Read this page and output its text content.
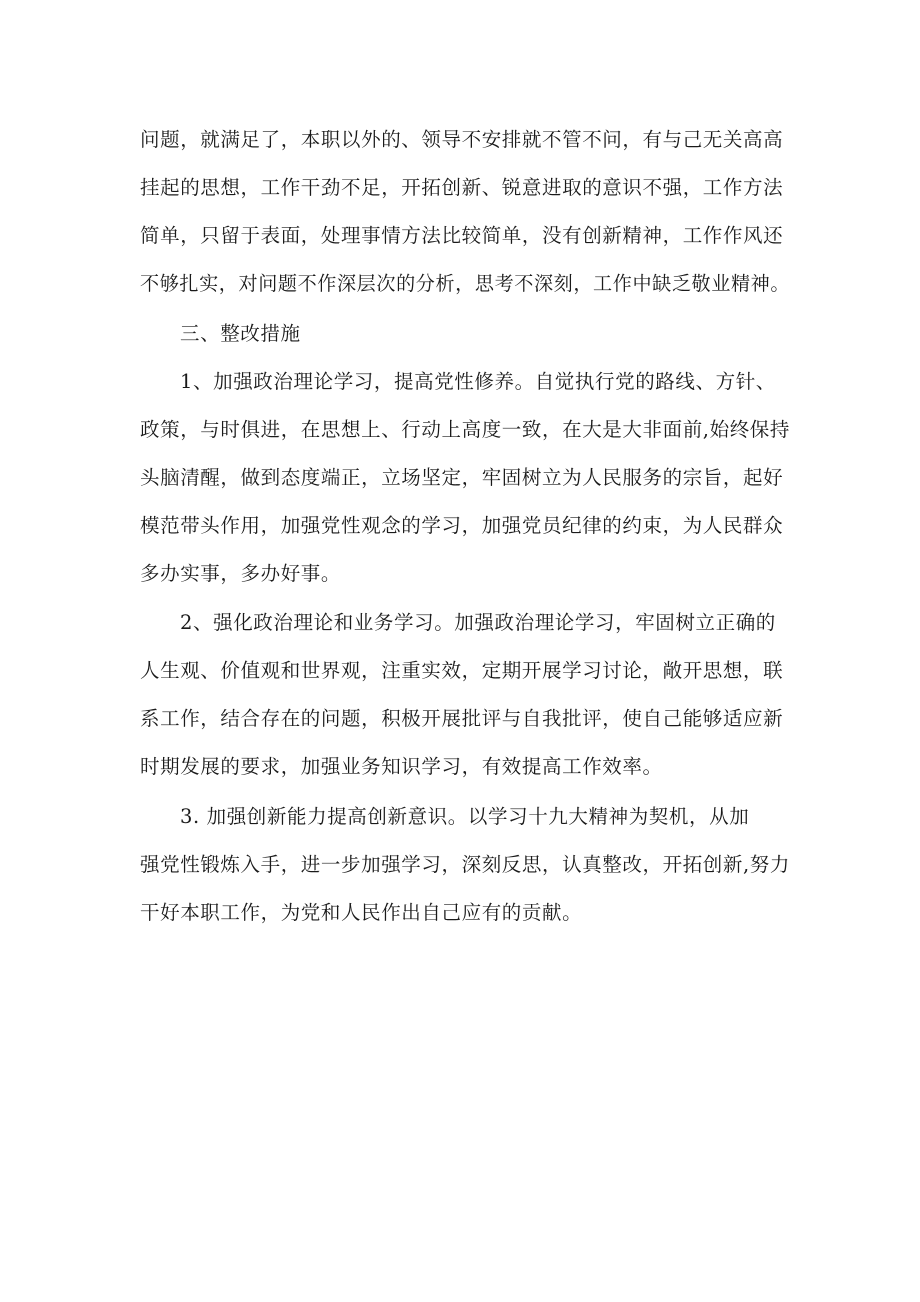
问题，就满足了，本职以外的、领导不安排就不管不问，有与己无关高高
挂起的思想，工作干劲不足，开拓创新、锐意进取的意识不强，工作方法
简单，只留于表面，处理事情方法比较简单，没有创新精神，工作作风还
不够扎实，对问题不作深层次的分析，思考不深刻，工作中缺乏敬业精神。
三、整改措施
1、加强政治理论学习，提高党性修养。自觉执行党的路线、方针、
政策，与时俱进，在思想上、行动上高度一致，在大是大非面前,始终保持
头脑清醒，做到态度端正，立场坚定，牢固树立为人民服务的宗旨，起好
模范带头作用，加强党性观念的学习，加强党员纪律的约束，为人民群众
多办实事，多办好事。
2、强化政治理论和业务学习。加强政治理论学习，牢固树立正确的
人生观、价值观和世界观，注重实效，定期开展学习讨论，敞开思想，联
系工作，结合存在的问题，积极开展批评与自我批评，使自己能够适应新
时期发展的要求，加强业务知识学习，有效提高工作效率。
3. 加强创新能力提高创新意识。以学习十九大精神为契机，从加
强党性锻炼入手，进一步加强学习，深刻反思，认真整改，开拓创新,努力
干好本职工作，为党和人民作出自己应有的贡献。
